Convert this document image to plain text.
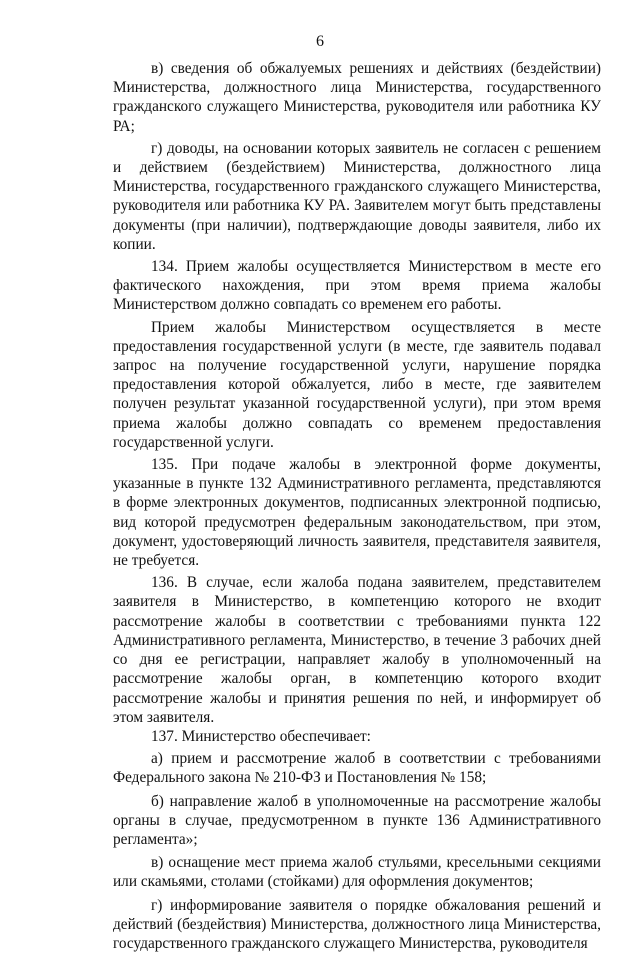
6

в) сведения об обжалуемых решениях и действиях (бездействии) Министерства, должностного лица Министерства, государственного гражданского служащего Министерства, руководителя или работника КУ РА;

г) доводы, на основании которых заявитель не согласен с решением и действием (бездействием) Министерства, должностного лица Министерства, государственного гражданского служащего Министерства, руководителя или работника КУ РА. Заявителем могут быть представлены документы (при наличии), подтверждающие доводы заявителя, либо их копии.

134. Прием жалобы осуществляется Министерством в месте его фактического нахождения, при этом время приема жалобы Министерством должно совпадать со временем его работы.

Прием жалобы Министерством осуществляется в месте предоставления государственной услуги (в месте, где заявитель подавал запрос на получение государственной услуги, нарушение порядка предоставления которой обжалуется, либо в месте, где заявителем получен результат указанной государственной услуги), при этом время приема жалобы должно совпадать со временем предоставления государственной услуги.

135. При подаче жалобы в электронной форме документы, указанные в пункте 132 Административного регламента, представляются в форме электронных документов, подписанных электронной подписью, вид которой предусмотрен федеральным законодательством, при этом, документ, удостоверяющий личность заявителя, представителя заявителя, не требуется.

136. В случае, если жалоба подана заявителем, представителем заявителя в Министерство, в компетенцию которого не входит рассмотрение жалобы в соответствии с требованиями пункта 122 Административного регламента, Министерство, в течение 3 рабочих дней со дня ее регистрации, направляет жалобу в уполномоченный на рассмотрение жалобы орган, в компетенцию которого входит рассмотрение жалобы и принятия решения по ней, и информирует об этом заявителя.

137. Министерство обеспечивает:

а) прием и рассмотрение жалоб в соответствии с требованиями Федерального закона № 210-ФЗ и Постановления № 158;

б) направление жалоб в уполномоченные на рассмотрение жалобы органы в случае, предусмотренном в пункте 136 Административного регламента»;

в) оснащение мест приема жалоб стульями, кресельными секциями или скамьями, столами (стойками) для оформления документов;

г) информирование заявителя о порядке обжалования решений и действий (бездействия) Министерства, должностного лица Министерства, государственного гражданского служащего Министерства, руководителя
